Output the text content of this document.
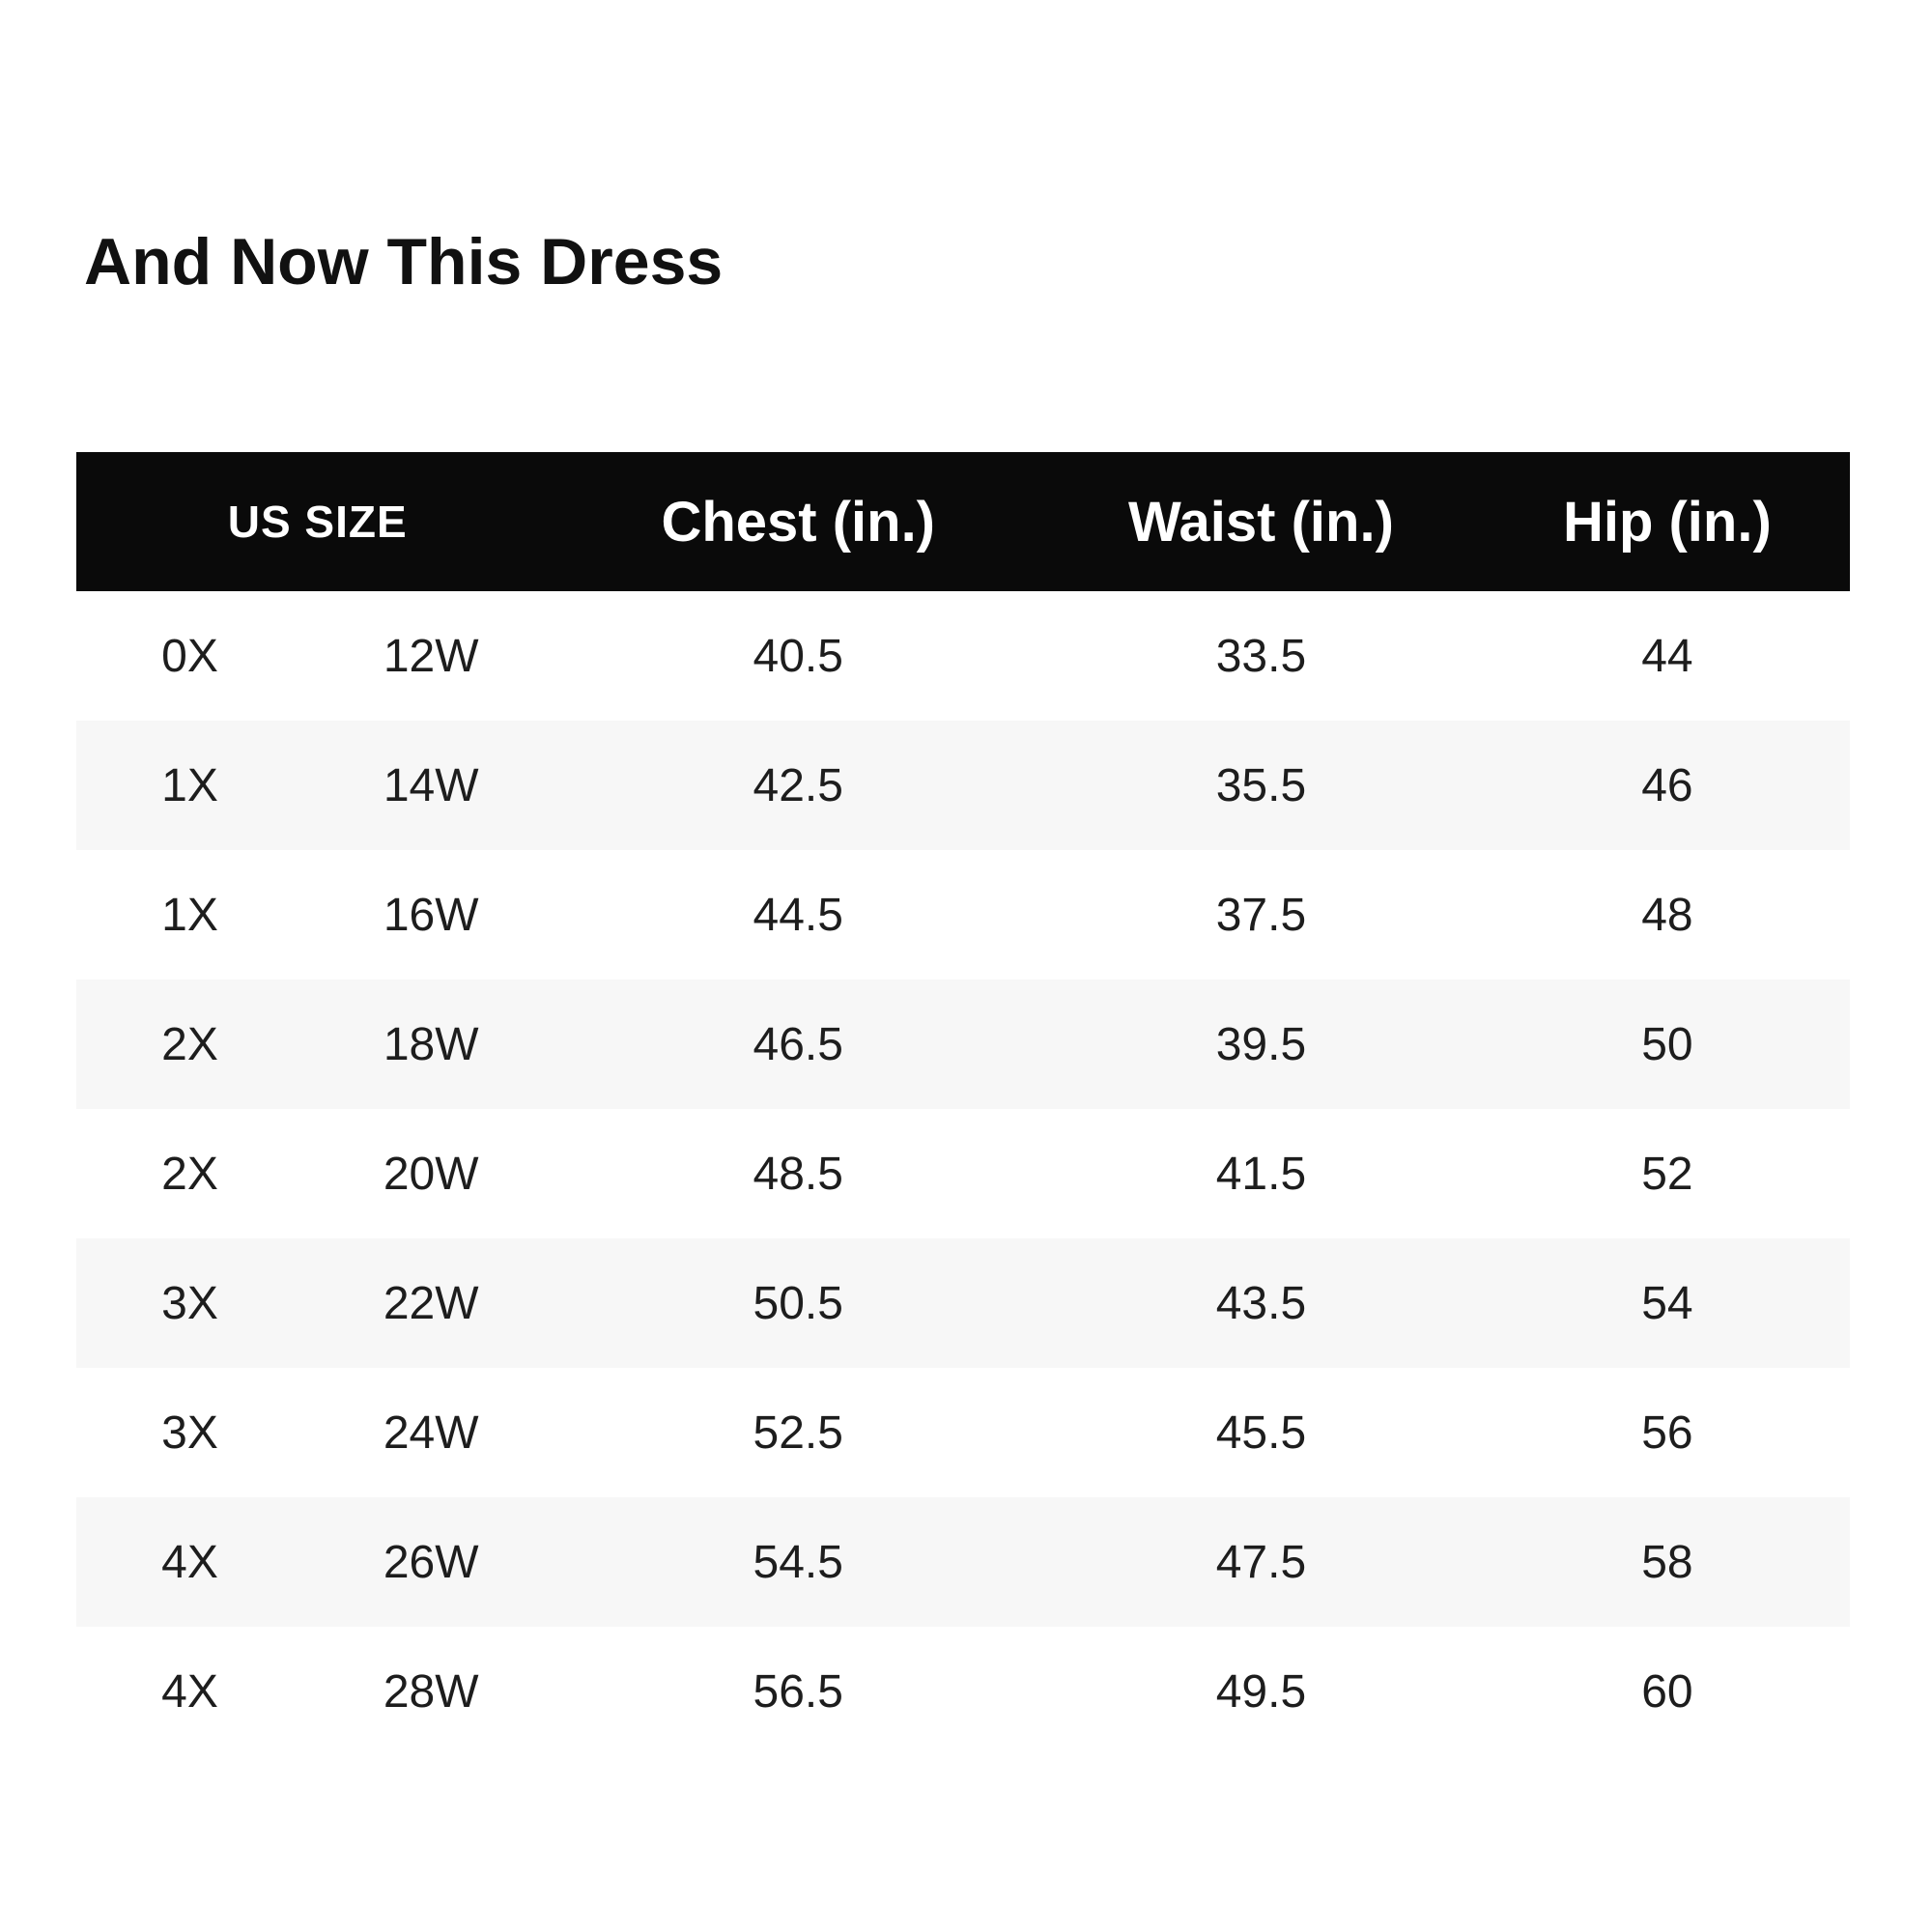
And Now This Dress
US SIZE		Chest (in.)	Waist (in.)	Hip (in.)
0X	12W	40.5	33.5	44
1X	14W	42.5	35.5	46
1X	16W	44.5	37.5	48
2X	18W	46.5	39.5	50
2X	20W	48.5	41.5	52
3X	22W	50.5	43.5	54
3X	24W	52.5	45.5	56
4X	26W	54.5	47.5	58
4X	28W	56.5	49.5	60
